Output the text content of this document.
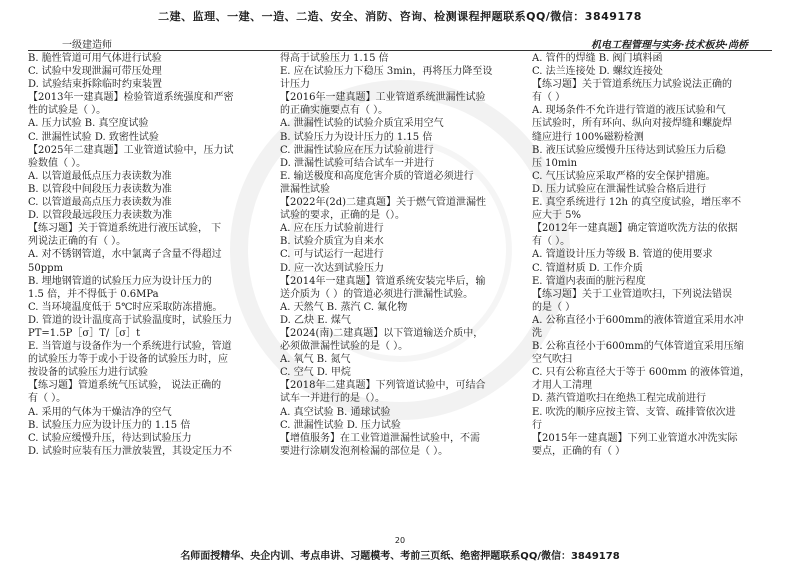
二建、监理、一建、一造、二造、安全、消防、咨询、检测课程押题联系QQ/微信：3849178
一级建造师	机电工程管理与实务·技术板块·尚桥
B. 脆性管道可用气体进行试验
C. 试验中发现泄漏可带压处理
D. 试验结束拆除临时约束装置
【2013年一建真题】检验管道系统强度和严密
性的试验是（ ）。
A. 压力试验 B. 真空度试验
C. 泄漏性试验 D. 致密性试验
【2025年二建真题】工业管道试验中，压力试
验数值（ ）。
A. 以管道最低点压力表读数为准
B. 以管段中间段压力表读数为准
C. 以管道最高点压力表读数为准
D. 以管段最远段压力表读数为准
【练习题】关于管道系统进行液压试验， 下
列说法正确的有（ ）。
A. 对不锈钢管道，水中氯离子含量不得超过
50ppm
B. 埋地钢管道的试验压力应为设计压力的
1.5 倍，并不得低于 0.6MPa
C. 当环境温度低于 5℃时应采取防冻措施。
D. 管道的设计温度高于试验温度时，试验压力
PT=1.5P［σ］T/［σ］t
E. 当管道与设备作为一个系统进行试验，管道
的试验压力等于或小于设备的试验压力时，应
按设备的试验压力进行试验
【练习题】管道系统气压试验， 说法正确的
有（ ）。
A. 采用的气体为干燥洁净的空气
B. 试验压力应为设计压力的 1.15 倍
C. 试验应缓慢升压，待达到试验压力
D. 试验时应装有压力泄放装置，其设定压力不
得高于试验压力 1.15 倍
E. 应在试验压力下稳压 3min，再将压力降至设
计压力
【2016年一建真题】工业管道系统泄漏性试验
的正确实施要点有（ ）。
A. 泄漏性试验的试验介质宜采用空气
B. 试验压力为设计压力的 1.15 倍
C. 泄漏性试验应在压力试验前进行
D. 泄漏性试验可结合试车一并进行
E. 输送极度和高度危害介质的管道必须进行
泄漏性试验
【2022年(2d)二建真题】关于燃气管道泄漏性
试验的要求，正确的是（）。
A. 应在压力试验前进行
B. 试验介质宜为自来水
C. 可与试运行一起进行
D. 应一次达到试验压力
【2014年一建真题】管道系统安装完毕后，输
送介质为（ ）的管道必须进行泄漏性试验。
A. 天然气 B. 蒸汽 C. 氟化物
D. 乙炔 E. 煤气
【2024(南)二建真题】以下管道输送介质中，
必须做泄漏性试验的是（ ）。
A. 氧气 B. 氮气
C. 空气 D. 甲烷
【2018年二建真题】下列管道试验中，可结合
试车一并进行的是（）。
A. 真空试验 B. 通球试验
C. 泄漏性试验 D. 压力试验
【增值服务】在工业管道泄漏性试验中，不需
要进行涂刷发泡剂检漏的部位是（ ）。
A. 管件的焊缝 B. 阀门填料函
C. 法兰连接处 D. 螺纹连接处
【练习题】关于管道系统压力试验说法正确的
有（ ）
A. 现场条件不允许进行管道的液压试验和气
压试验时，所有环向、纵向对接焊缝和螺旋焊
缝应进行 100%磁粉检测
B. 液压试验应缓慢升压待达到试验压力后稳
压 10min
C. 气压试验应采取严格的安全保护措施。
D. 压力试验应在泄漏性试验合格后进行
E. 真空系统进行 12h 的真空度试验，增压率不
应大于 5%
【2012年一建真题】确定管道吹洗方法的依据
有（ ）。
A. 管道设计压力等级 B. 管道的使用要求
C. 管道材质 D. 工作介质
E. 管道内表面的脏污程度
【练习题】关于工业管道吹扫，下列说法错误
的是（ ）
A. 公称直径小于600mm的液体管道宜采用水冲
洗
B. 公称直径小于600mm的气体管道宜采用压缩
空气吹扫
C. 只有公称直径大于等于 600mm 的液体管道，
才用人工清理
D. 蒸汽管道吹扫在绝热工程完成前进行
E. 吹洗的顺序应按主管、支管、疏排管依次进
行
【2015年一建真题】下列工业管道水冲洗实际
要点，正确的有（ ）
20
名师面授精华、央企内训、考点串讲、习题模考、考前三页纸、绝密押题联系QQ/微信：3849178
